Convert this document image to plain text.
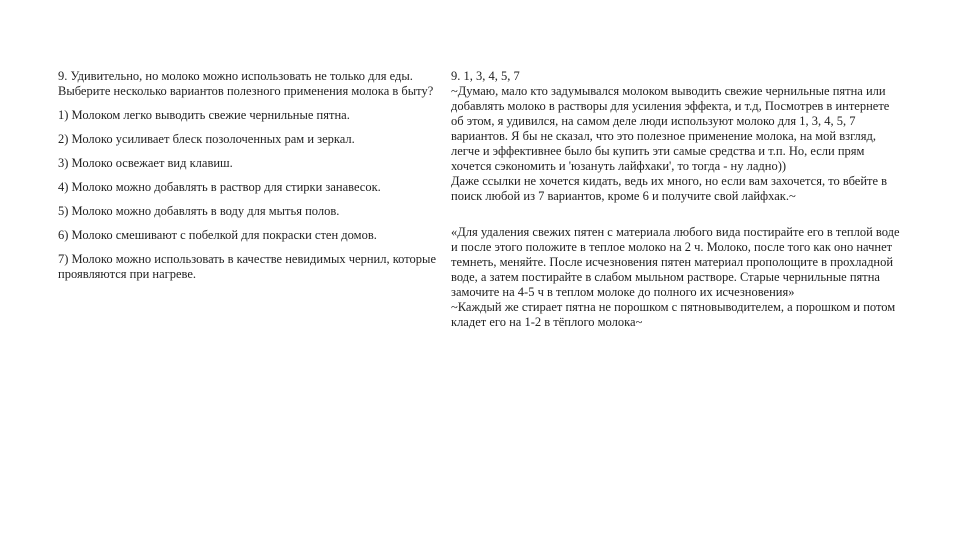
9. Удивительно, но молоко можно использовать не только для еды. Выберите несколько вариантов полезного применения молока в быту?

1) Молоком легко выводить свежие чернильные пятна.

2) Молоко усиливает блеск позолоченных рам и зеркал.

3) Молоко освежает вид клавиш.

4) Молоко можно добавлять в раствор для стирки занавесок.

5) Молоко можно добавлять в воду для мытья полов.

6) Молоко смешивают с побелкой для покраски стен домов.

7) Молоко можно использовать в качестве невидимых чернил, которые проявляются при нагреве.

9. 1, 3, 4, 5, 7

~Думаю, мало кто задумывался молоком выводить свежие чернильные пятна или добавлять молоко в растворы для усиления эффекта, и т.д, Посмотрев в интернете об этом, я удивился, на самом деле люди используют молоко для 1, 3, 4, 5, 7 вариантов. Я бы не сказал, что это полезное применение молока, на мой взгляд, легче и эффективнее было бы купить эти самые средства и т.п. Но, если прям хочется сэкономить и 'юзануть лайфхаки', то тогда - ну ладно))

Даже ссылки не хочется кидать, ведь их много, но если вам захочется, то вбейте в поиск любой из 7 вариантов, кроме 6 и получите свой лайфхак.~

«Для удаления свежих пятен с материала любого вида постирайте его в теплой воде и после этого положите в теплое молоко на 2 ч. Молоко, после того как оно начнет темнеть, меняйте. После исчезновения пятен материал прополощите в прохладной воде, а затем постирайте в слабом мыльном растворе. Старые чернильные пятна замочите на 4-5 ч в теплом молоке до полного их исчезновения»

~Каждый же стирает пятна не порошком с пятновыводителем, а порошком и потом кладет его на 1-2 в тёплого молока~
